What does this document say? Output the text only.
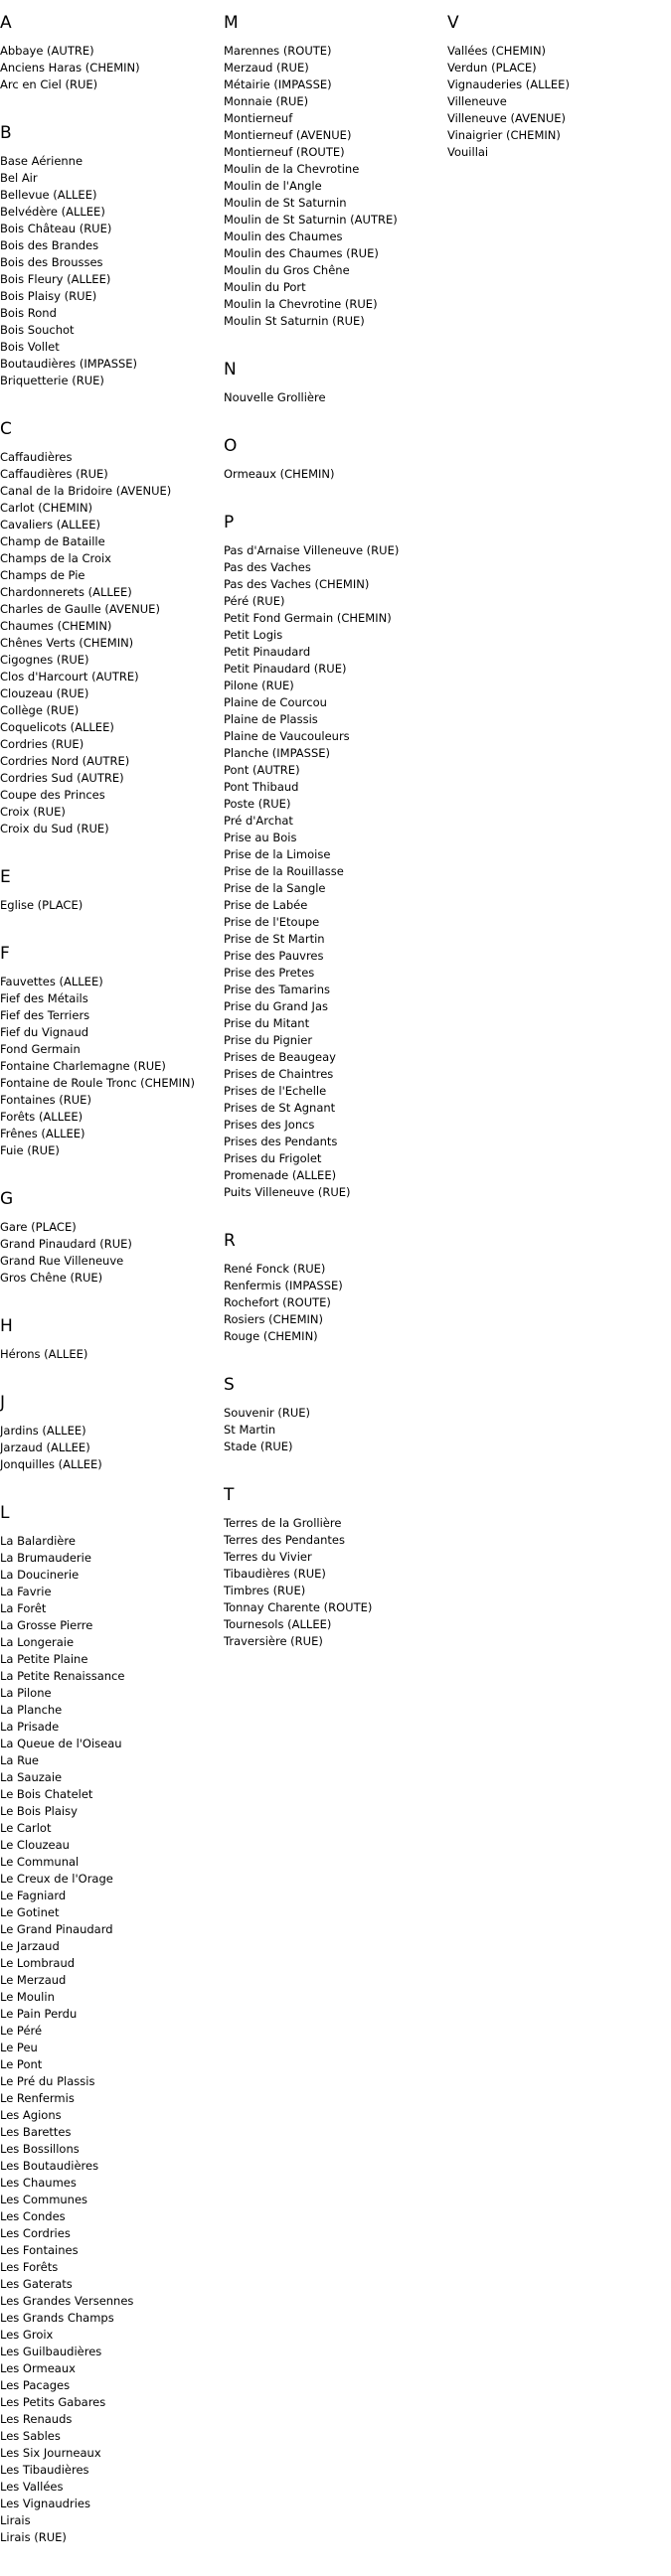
A
Abbaye (AUTRE)
Anciens Haras (CHEMIN)
Arc en Ciel (RUE)
B
Base Aérienne
Bel Air
Bellevue (ALLEE)
Belvédère (ALLEE)
Bois Château (RUE)
Bois des Brandes
Bois des Brousses
Bois Fleury (ALLEE)
Bois Plaisy (RUE)
Bois Rond
Bois Souchot
Bois Vollet
Boutaudières (IMPASSE)
Briquetterie (RUE)
C
Caffaudières
Caffaudières (RUE)
Canal de la Bridoire (AVENUE)
Carlot (CHEMIN)
Cavaliers (ALLEE)
Champ de Bataille
Champs de la Croix
Champs de Pie
Chardonnerets (ALLEE)
Charles de Gaulle (AVENUE)
Chaumes (CHEMIN)
Chênes Verts (CHEMIN)
Cigognes (RUE)
Clos d'Harcourt (AUTRE)
Clouzeau (RUE)
Collège (RUE)
Coquelicots (ALLEE)
Cordries (RUE)
Cordries Nord (AUTRE)
Cordries Sud (AUTRE)
Coupe des Princes
Croix (RUE)
Croix du Sud (RUE)
E
Eglise (PLACE)
F
Fauvettes (ALLEE)
Fief des Métails
Fief des Terriers
Fief du Vignaud
Fond Germain
Fontaine Charlemagne (RUE)
Fontaine de Roule Tronc (CHEMIN)
Fontaines (RUE)
Forêts (ALLEE)
Frênes (ALLEE)
Fuie (RUE)
G
Gare (PLACE)
Grand Pinaudard (RUE)
Grand Rue Villeneuve
Gros Chêne (RUE)
H
Hérons (ALLEE)
J
Jardins (ALLEE)
Jarzaud (ALLEE)
Jonquilles (ALLEE)
L
La Balardière
La Brumauderie
La Doucinerie
La Favrie
La Forêt
La Grosse Pierre
La Longeraie
La Petite Plaine
La Petite Renaissance
La Pilone
La Planche
La Prisade
La Queue de l'Oiseau
La Rue
La Sauzaie
Le Bois Chatelet
Le Bois Plaisy
Le Carlot
Le Clouzeau
Le Communal
Le Creux de l'Orage
Le Fagniard
Le Gotinet
Le Grand Pinaudard
Le Jarzaud
Le Lombraud
Le Merzaud
Le Moulin
Le Pain Perdu
Le Péré
Le Peu
Le Pont
Le Pré du Plassis
Le Renfermis
Les Agions
Les Barettes
Les Bossillons
Les Boutaudières
Les Chaumes
Les Communes
Les Condes
Les Cordries
Les Fontaines
Les Forêts
Les Gaterats
Les Grandes Versennes
Les Grands Champs
Les Groix
Les Guilbaudières
Les Ormeaux
Les Pacages
Les Petits Gabares
Les Renauds
Les Sables
Les Six Journeaux
Les Tibaudières
Les Vallées
Les Vignaudries
Lirais
Lirais (RUE)
M
Marennes (ROUTE)
Merzaud (RUE)
Métairie (IMPASSE)
Monnaie (RUE)
Montierneuf
Montierneuf (AVENUE)
Montierneuf (ROUTE)
Moulin de la Chevrotine
Moulin de l'Angle
Moulin de St Saturnin
Moulin de St Saturnin (AUTRE)
Moulin des Chaumes
Moulin des Chaumes (RUE)
Moulin du Gros Chêne
Moulin du Port
Moulin la Chevrotine (RUE)
Moulin St Saturnin (RUE)
N
Nouvelle Grollière
O
Ormeaux (CHEMIN)
P
Pas d'Arnaise Villeneuve (RUE)
Pas des Vaches
Pas des Vaches (CHEMIN)
Péré (RUE)
Petit Fond Germain (CHEMIN)
Petit Logis
Petit Pinaudard
Petit Pinaudard (RUE)
Pilone (RUE)
Plaine de Courcou
Plaine de Plassis
Plaine de Vaucouleurs
Planche (IMPASSE)
Pont (AUTRE)
Pont Thibaud
Poste (RUE)
Pré d'Archat
Prise au Bois
Prise de la Limoise
Prise de la Rouillasse
Prise de la Sangle
Prise de Labée
Prise de l'Etoupe
Prise de St Martin
Prise des Pauvres
Prise des Pretes
Prise des Tamarins
Prise du Grand Jas
Prise du Mitant
Prise du Pignier
Prises de Beaugeay
Prises de Chaintres
Prises de l'Echelle
Prises de St Agnant
Prises des Joncs
Prises des Pendants
Prises du Frigolet
Promenade (ALLEE)
Puits Villeneuve (RUE)
R
René Fonck (RUE)
Renfermis (IMPASSE)
Rochefort (ROUTE)
Rosiers (CHEMIN)
Rouge (CHEMIN)
S
Souvenir (RUE)
St Martin
Stade (RUE)
T
Terres de la Grollière
Terres des Pendantes
Terres du Vivier
Tibaudières (RUE)
Timbres (RUE)
Tonnay Charente (ROUTE)
Tournesols (ALLEE)
Traversière (RUE)
V
Vallées (CHEMIN)
Verdun (PLACE)
Vignauderies (ALLEE)
Villeneuve
Villeneuve (AVENUE)
Vinaigrier (CHEMIN)
Vouillai
